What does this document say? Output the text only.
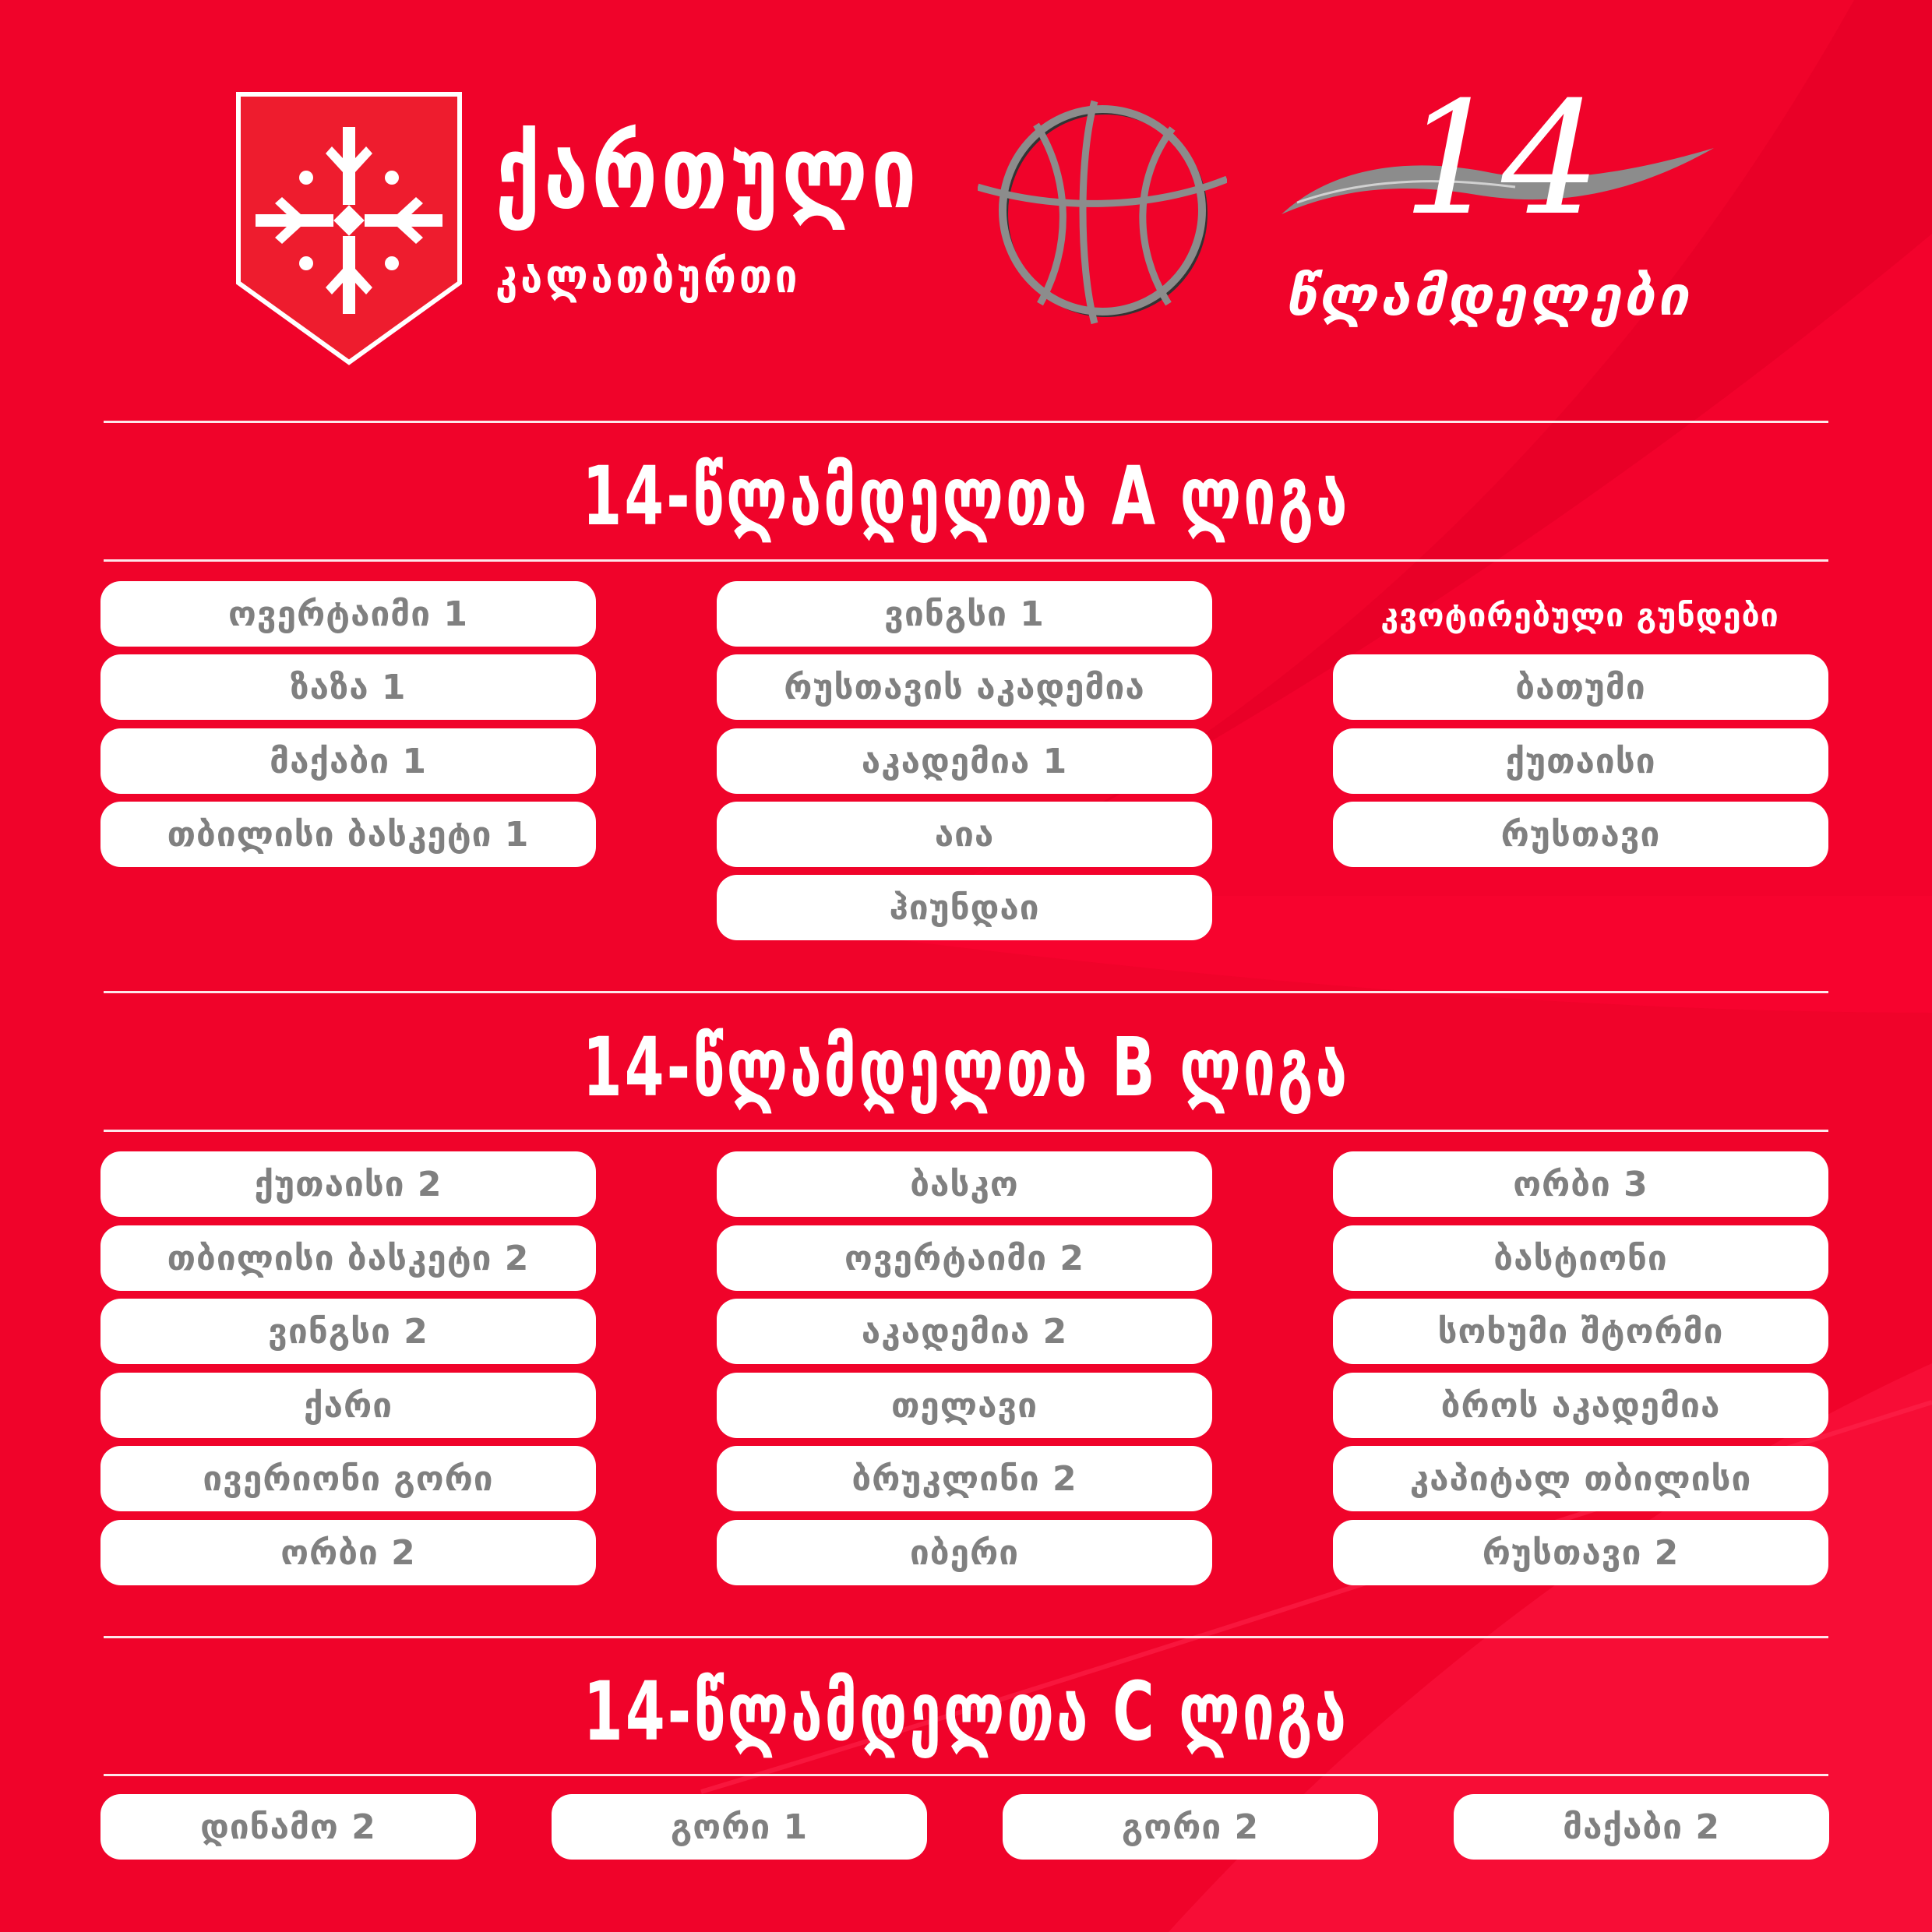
ქართული
კალათბურთი
14
წლამდელები
14-წლამდელთა A ლიგა
ოვერტაიმი 1
ზაზა 1
მაქაბი 1
თბილისი ბასკეტი 1
ვინგსი 1
რუსთავის აკადემია
აკადემია 1
აია
ჰიუნდაი
კვოტირებული გუნდები
ბათუმი
ქუთაისი
რუსთავი
14-წლამდელთა B ლიგა
ქუთაისი 2
თბილისი ბასკეტი 2
ვინგსი 2
ქარი
ივერიონი გორი
ორბი 2
ბასკო
ოვერტაიმი 2
აკადემია 2
თელავი
ბრუკლინი 2
იბერი
ორბი 3
ბასტიონი
სოხუმი შტორმი
ბროს აკადემია
კაპიტალ თბილისი
რუსთავი 2
14-წლამდელთა C ლიგა
დინამო 2	გორი 1	გორი 2	მაქაბი 2
